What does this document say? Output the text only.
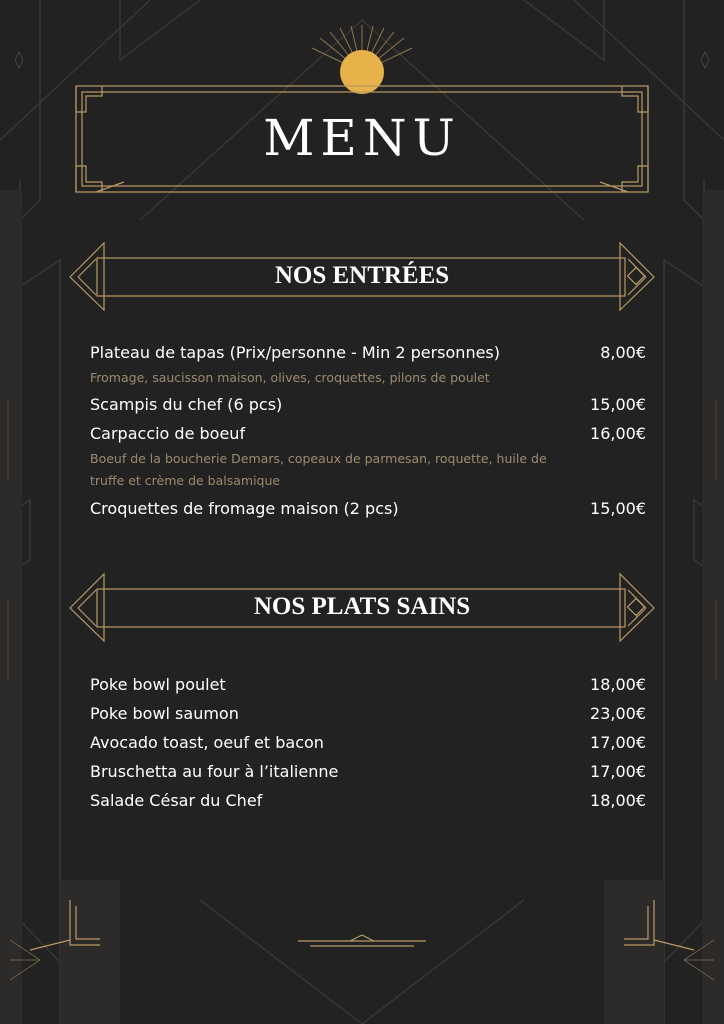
MENU
NOS ENTRÉES
Plateau de tapas (Prix/personne - Min 2 personnes)	8,00€
Fromage, saucisson maison, olives, croquettes, pilons de poulet
Scampis du chef (6 pcs)	15,00€
Carpaccio de boeuf	16,00€
Boeuf de la boucherie Demars, copeaux de parmesan, roquette, huile de
truffe et crème de balsamique
Croquettes de fromage maison (2 pcs)	15,00€
NOS PLATS SAINS
Poke bowl poulet	18,00€
Poke bowl saumon	23,00€
Avocado toast, oeuf et bacon	17,00€
Bruschetta au four à l’italienne	17,00€
Salade César du Chef	18,00€
